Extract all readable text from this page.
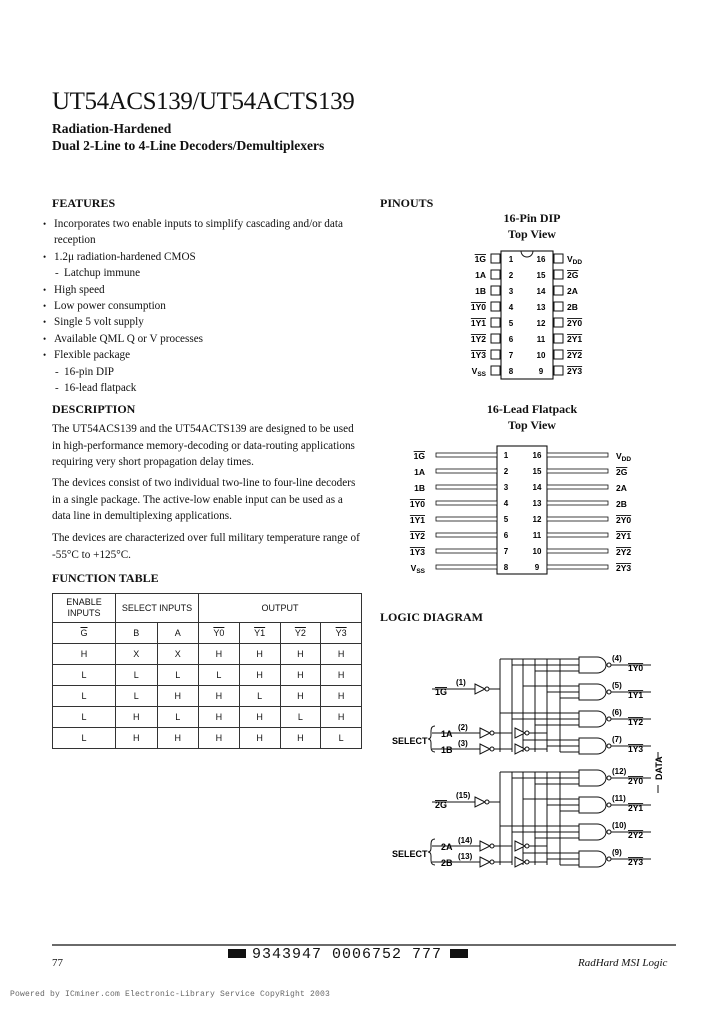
UT54ACS139/UT54ACTS139
Radiation-Hardened
Dual 2-Line to 4-Line Decoders/Demultiplexers
FEATURES
• Incorporates two enable inputs to simplify cascading and/or data reception
• 1.2μ radiation-hardened CMOS
- Latchup immune
• High speed
• Low power consumption
• Single 5 volt supply
• Available QML Q or V processes
• Flexible package
- 16-pin DIP
- 16-lead flatpack
DESCRIPTION
The UT54ACS139 and the UT54ACTS139 are designed to be used in high-performance memory-decoding or data-routing applications requiring very short propagation delay times.
The devices consist of two individual two-line to four-line decoders in a single package. The active-low enable input can be used as a data line in demultiplexing applications.
The devices are characterized over full military temperature range of -55°C to +125°C.
FUNCTION TABLE
ENABLE INPUTS	SELECT INPUTS		OUTPUT			
$\overline{G}$	B	A	Y0	Y1	Y2	Y3
H	X	X	H	H	H	H
L	L	L	L	H	H	H
L	L	H	H	L	H	H
L	H	L	H	H	L	H
L	H	H	H	H	H	L
PINOUTS
16-Pin DIP
Top View
16-Lead Flatpack
Top View
1	16
1G	$V_{DD}$
2	15
1A	2G
3	14
1B	2A
4	13
1Y0	2B
5	12
1Y1	2Y0
6	11
1Y2	2Y1
7	10
1Y3	2Y2
8	9
$V_{SS}$	2Y3
1	16
1G	$V_{DD}$
2	15
1A	2G
3	14
1B	2A
4	13
1Y0	2B
5	12
1Y1	2Y0
6	11
1Y2	2Y1
7	10
1Y3	2Y2
8	9
$V_{SS}$	2Y3
LOGIC DIAGRAM
(4)
1Y0
(5)
1Y1
(6)
1Y2
(7)
1Y3
(1)
1G
(2)
1A
(3)
1B
SELECT
(12)
2Y0
(11)
2Y1
(10)
2Y2
(9)
2Y3
(15)
2G
(14)
2A
(13)
2B
SELECT
DATA
9343947 0006752 777
77	RadHard MSI Logic
Powered by ICminer.com Electronic-Library Service CopyRight 2003
